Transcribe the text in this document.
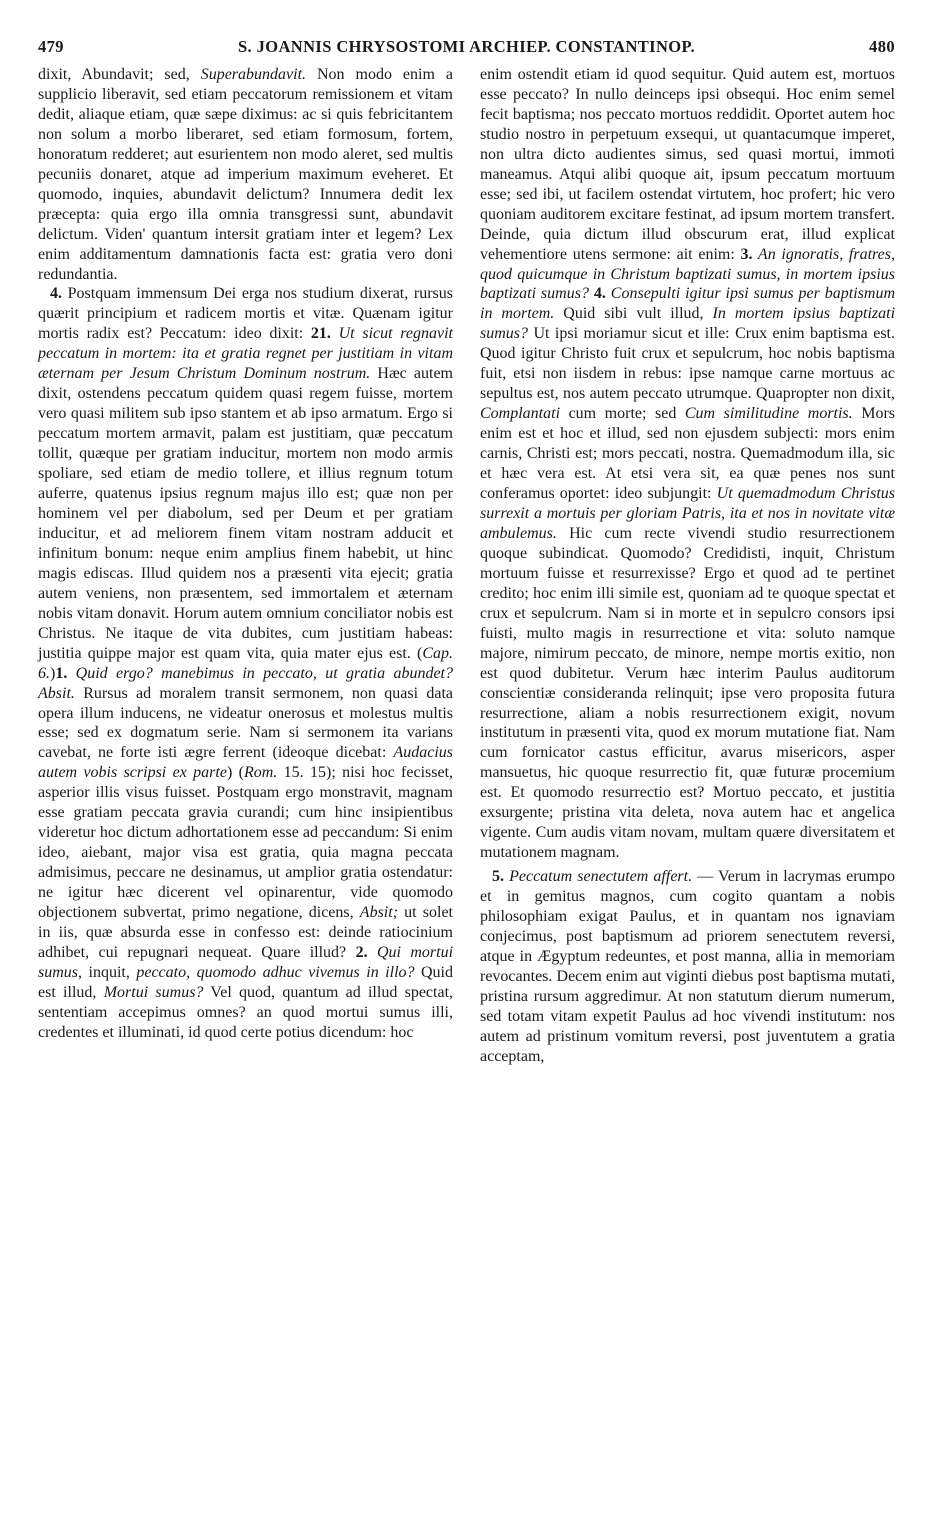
479	S. JOANNIS CHRYSOSTOMI ARCHIEP. CONSTANTINOP.	480

dixit, Abundavit; sed, Superabundavit. Non modo enim a supplicio liberavit, sed etiam peccatorum remissionem et vitam dedit, aliaque etiam, quæ sæpe diximus: ac si quis febricitantem non solum a morbo liberaret, sed etiam formosum, fortem, honoratum redderet; aut esurientem non modo aleret, sed multis pecuniis donaret, atque ad imperium maximum eveheret. Et quomodo, inquies, abundavit delictum? Innumera dedit lex præcepta: quia ergo illa omnia transgressi sunt, abundavit delictum. Viden' quantum intersit gratiam inter et legem? Lex enim additamentum damnationis facta est: gratia vero doni redundantia.

4. Postquam immensum Dei erga nos studium dixerat, rursus quærit principium et radicem mortis et vitæ. Quænam igitur mortis radix est? Peccatum: ideo dixit: 21. Ut sicut regnavit peccatum in mortem: ita et gratia regnet per justitiam in vitam æternam per Jesum Christum Dominum nostrum. Hæc autem dixit, ostendens peccatum quidem quasi regem fuisse, mortem vero quasi militem sub ipso stantem et ab ipso armatum. Ergo si peccatum mortem armavit, palam est justitiam, quæ peccatum tollit, quæque per gratiam inducitur, mortem non modo armis spoliare, sed etiam de medio tollere, et illius regnum totum auferre, quatenus ipsius regnum majus illo est; quæ non per hominem vel per diabolum, sed per Deum et per gratiam inducitur, et ad meliorem finem vitam nostram adducit et infinitum bonum: neque enim amplius finem habebit, ut hinc magis ediscas. Illud quidem nos a præsenti vita ejecit; gratia autem veniens, non præsentem, sed immortalem et æternam nobis vitam donavit. Horum autem omnium conciliator nobis est Christus. Ne itaque de vita dubites, cum justitiam habeas: justitia quippe major est quam vita, quia mater ejus est. (Cap. 6.)1. Quid ergo? manebimus in peccato, ut gratia abundet? Absit. Rursus ad moralem transit sermonem, non quasi data opera illum inducens, ne videatur onerosus et molestus multis esse; sed ex dogmatum serie. Nam si sermonem ita varians cavebat, ne forte isti ægre ferrent (ideoque dicebat: Audacius autem vobis scripsi ex parte) (Rom. 15. 15); nisi hoc fecisset, asperior illis visus fuisset. Postquam ergo monstravit, magnam esse gratiam peccata gravia curandi; cum hinc insipientibus videretur hoc dictum adhortationem esse ad peccandum: Si enim ideo, aiebant, major visa est gratia, quia magna peccata admisimus, peccare ne desinamus, ut amplior gratia ostendatur: ne igitur hæc dicerent vel opinarentur, vide quomodo objectionem subvertat, primo negatione, dicens, Absit; ut solet in iis, quæ absurda esse in confesso est: deinde ratiocinium adhibet, cui repugnari nequeat. Quare illud? 2. Qui mortui sumus, inquit, peccato, quomodo adhuc vivemus in illo? Quid est illud, Mortui sumus? Vel quod, quantum ad illud spectat, sententiam accepimus omnes? an quod mortui sumus illi, credentes et illuminati, id quod certe potius dicendum: hoc

enim ostendit etiam id quod sequitur. Quid autem est, mortuos esse peccato? In nullo deinceps ipsi obsequi. Hoc enim semel fecit baptisma; nos peccato mortuos reddidit. Oportet autem hoc studio nostro in perpetuum exsequi, ut quantacumque imperet, non ultra dicto audientes simus, sed quasi mortui, immoti maneamus. Atqui alibi quoque ait, ipsum peccatum mortuum esse; sed ibi, ut facilem ostendat virtutem, hoc profert; hic vero quoniam auditorem excitare festinat, ad ipsum mortem transfert. Deinde, quia dictum illud obscurum erat, illud explicat vehementiore utens sermone: ait enim: 3. An ignoratis, fratres, quod quicumque in Christum baptizati sumus, in mortem ipsius baptizati sumus? 4. Consepulti igitur ipsi sumus per baptismum in mortem. Quid sibi vult illud, In mortem ipsius baptizati sumus? Ut ipsi moriamur sicut et ille: Crux enim baptisma est. Quod igitur Christo fuit crux et sepulcrum, hoc nobis baptisma fuit, etsi non iisdem in rebus: ipse namque carne mortuus ac sepultus est, nos autem peccato utrumque. Quapropter non dixit, Complantati cum morte; sed Cum similitudine mortis. Mors enim est et hoc et illud, sed non ejusdem subjecti: mors enim carnis, Christi est; mors peccati, nostra. Quemadmodum illa, sic et hæc vera est. At etsi vera sit, ea quæ penes nos sunt conferamus oportet: ideo subjungit: Ut quemadmodum Christus surrexit a mortuis per gloriam Patris, ita et nos in novitate vitæ ambulemus. Hic cum recte vivendi studio resurrectionem quoque subindicat. Quomodo? Credidisti, inquit, Christum mortuum fuisse et resurrexisse? Ergo et quod ad te pertinet credito; hoc enim illi simile est, quoniam ad te quoque spectat et crux et sepulcrum. Nam si in morte et in sepulcro consors ipsi fuisti, multo magis in resurrectione et vita: soluto namque majore, nimirum peccato, de minore, nempe mortis exitio, non est quod dubitetur. Verum hæc interim Paulus auditorum conscientiæ consideranda relinquit; ipse vero proposita futura resurrectione, aliam a nobis resurrectionem exigit, novum institutum in præsenti vita, quod ex morum mutatione fiat. Nam cum fornicator castus efficitur, avarus misericors, asper mansuetus, hic quoque resurrectio fit, quæ futuræ procemium est. Et quomodo resurrectio est? Mortuo peccato, et justitia exsurgente; pristina vita deleta, nova autem hac et angelica vigente. Cum audis vitam novam, multam quære diversitatem et mutationem magnam.

5. Peccatum senectutem affert. — Verum in lacrymas erumpo et in gemitus magnos, cum cogito quantam a nobis philosophiam exigat Paulus, et in quantam nos ignaviam conjecimus, post baptismum ad priorem senectutem reversi, atque in Ægyptum redeuntes, et post manna, allia in memoriam revocantes. Decem enim aut viginti diebus post baptisma mutati, pristina rursum aggredimur. At non statutum dierum numerum, sed totam vitam expetit Paulus ad hoc vivendi institutum: nos autem ad pristinum vomitum reversi, post juventutem a gratia acceptam,
